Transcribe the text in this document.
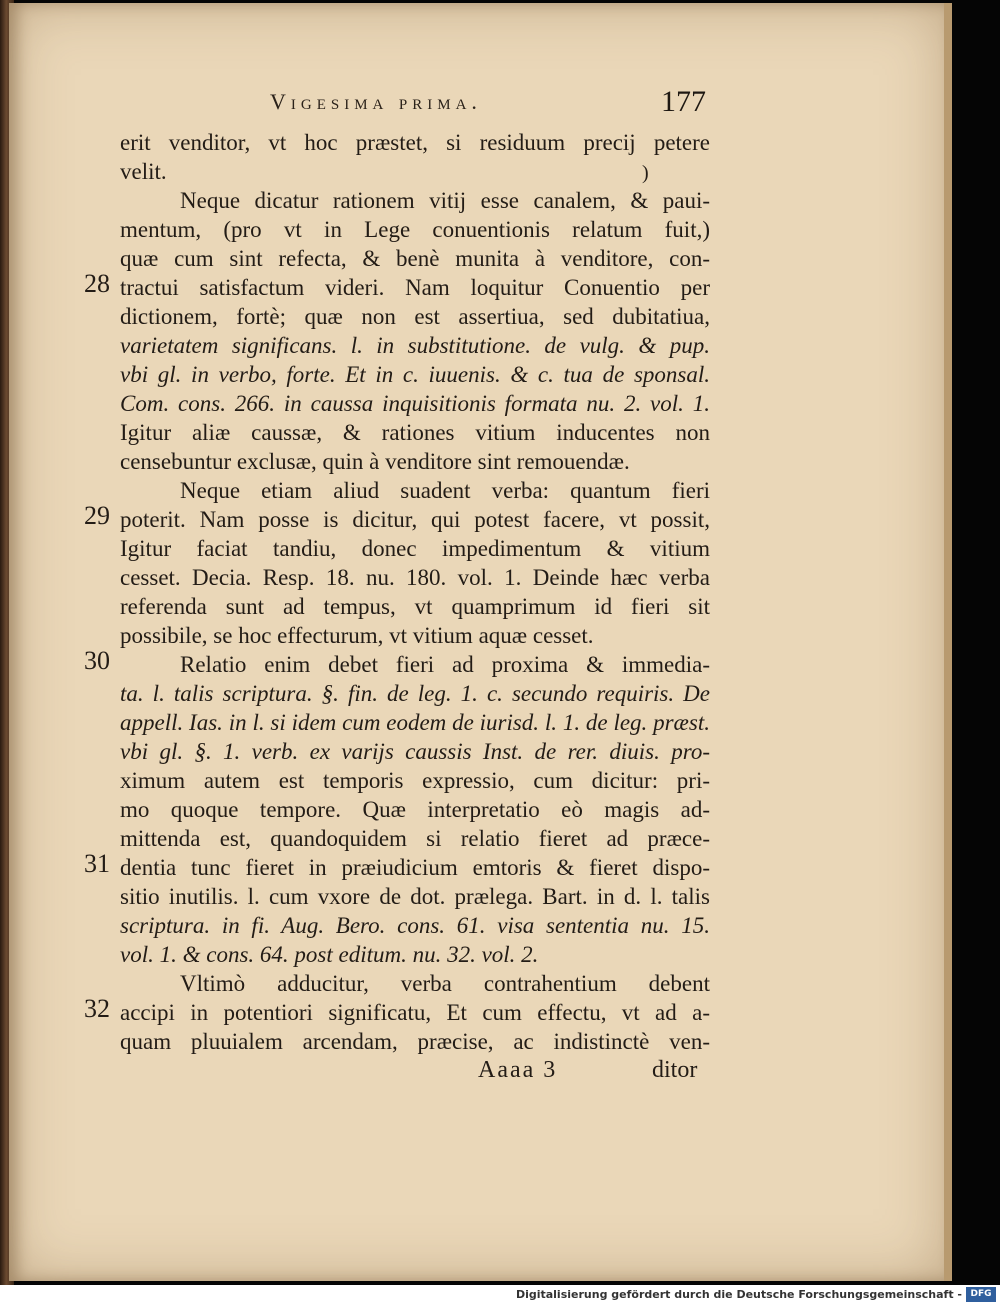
Vigesima prima.	177
)
erit venditor, vt hoc præstet, si residuum precij petere
velit.
Neque dicatur rationem vitij esse canalem, & paui-
mentum, (pro vt in Lege conuentionis relatum fuit,)
quæ cum sint refecta, & benè munita à venditore, con-
tractui satisfactum videri. Nam loquitur Conuentio per
dictionem, fortè; quæ non est assertiua, sed dubitatiua,
varietatem significans. l. in substitutione. de vulg. & pup.
vbi gl. in verbo, forte. Et in c. iuuenis. & c. tua de sponsal.
Com. cons. 266. in caussa inquisitionis formata nu. 2. vol. 1.
Igitur aliæ caussæ, & rationes vitium inducentes non
censebuntur exclusæ, quin à venditore sint remouendæ.
Neque etiam aliud suadent verba: quantum fieri
poterit. Nam posse is dicitur, qui potest facere, vt possit,
Igitur faciat tandiu, donec impedimentum & vitium
cesset. Decia. Resp. 18. nu. 180. vol. 1. Deinde hæc verba
referenda sunt ad tempus, vt quamprimum id fieri sit
possibile, se hoc effecturum, vt vitium aquæ cesset.
Relatio enim debet fieri ad proxima & immedia-
ta. l. talis scriptura. §. fin. de leg. 1. c. secundo requiris. De
appell. Ias. in l. si idem cum eodem de iurisd. l. 1. de leg. præst.
vbi gl. §. 1. verb. ex varijs caussis Inst. de rer. diuis. pro-
ximum autem est temporis expressio, cum dicitur: pri-
mo quoque tempore. Quæ interpretatio eò magis ad-
mittenda est, quandoquidem si relatio fieret ad præce-
dentia tunc fieret in præiudicium emtoris & fieret dispo-
sitio inutilis. l. cum vxore de dot. prælega. Bart. in d. l. talis
scriptura. in fi. Aug. Bero. cons. 61. visa sententia nu. 15.
vol. 1. & cons. 64. post editum. nu. 32. vol. 2.
Vltimò adducitur, verba contrahentium debent
accipi in potentiori significatu, Et cum effectu, vt ad a-
quam pluuialem arcendam, præcise, ac indistinctè ven-
28
29
30
31
32
Aaaa 3	ditor
Digitalisierung gefördert durch die Deutsche Forschungsgemeinschaft - DFG
